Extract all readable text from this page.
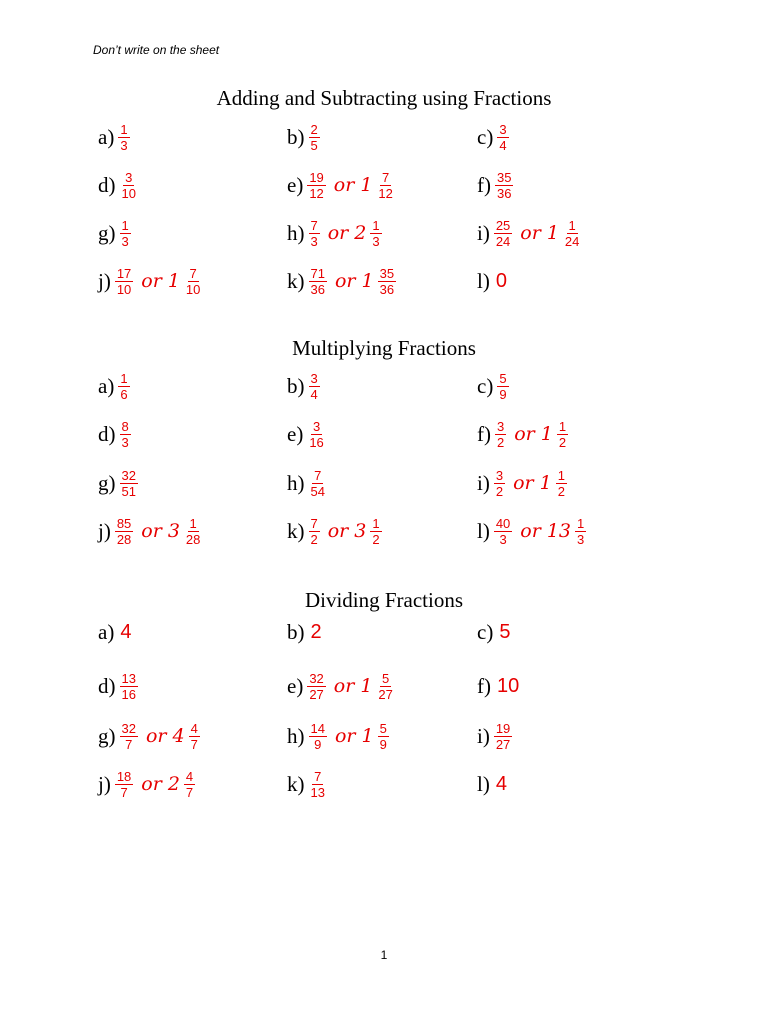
Don’t write on the sheet
Adding and Subtracting using Fractions
$a) \frac{1}{3}$	$b) \frac{2}{5}$	$c) \frac{3}{4}$
$d) \frac{3}{10}$	$e) \frac{19}{12}$ or $1 \frac{7}{12}$	$f) \frac{35}{36}$
$g) \frac{1}{3}$	$h) \frac{7}{3}$ or $2 \frac{1}{3}$	$i) \frac{25}{24}$ or $1 \frac{1}{24}$
$j) \frac{17}{10}$ or $1 \frac{7}{10}$	$k) \frac{71}{36}$ or $1 \frac{35}{36}$	l) 0
Multiplying Fractions
$a) \frac{1}{6}$	$b) \frac{3}{4}$	$c) \frac{5}{9}$
$d) \frac{8}{3}$	$e) \frac{3}{16}$	$f) \frac{3}{2}$ or $1 \frac{1}{2}$
$g) \frac{32}{51}$	$h) \frac{7}{54}$	$i) \frac{3}{2}$ or $1 \frac{1}{2}$
$j) \frac{85}{28}$ or $3 \frac{1}{28}$	$k) \frac{7}{2}$ or $3 \frac{1}{2}$	$l) \frac{40}{3}$ or $13 \frac{1}{3}$
Dividing Fractions
a) 4	b) 2	c) 5
$d) \frac{13}{16}$	$e) \frac{32}{27}$ or $1 \frac{5}{27}$	f) 10
$g) \frac{32}{7}$ or $4 \frac{4}{7}$	$h) \frac{14}{9}$ or $1 \frac{5}{9}$	$i) \frac{19}{27}$
$j) \frac{18}{7}$ or $2 \frac{4}{7}$	$k) \frac{7}{13}$	l) 4
1
